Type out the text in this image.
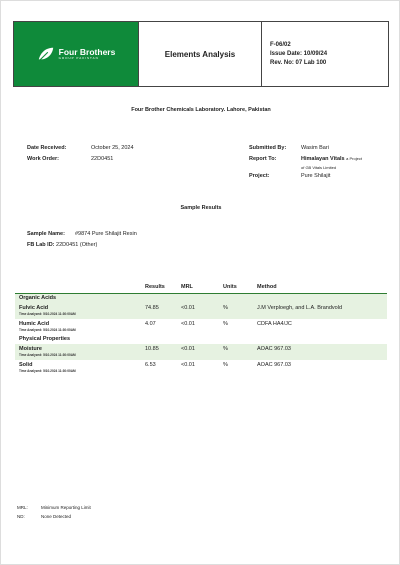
Four Brothers
GROUP PAKISTAN	Elements Analysis
F-06/02
Issue Date: 10/09/24
Rev. No: 07 Lab 100
Four Brother Chemicals Laboratory. Lahore, Pakistan
Date Received:	October 25, 2024
Work Order:	22D0451
Submitted By:	Wasim Bari
Report To:	Himalayan Vitals a Project
of GB Vitals Limited
Project:	Pure Shilajit
Sample Results
Sample Name: #9874 Pure Shilajit Resin
FB Lab ID: 22D0451 (Other)
	Results	MRL	Units	Method
Organic Acids				

Fulvic Acid
Time Analyzed: 5/10.2024 11:30:00AM	74.85	<0.01	%	J.M Verploegh, and L.A. Brandvold

Humic Acid
Time Analyzed: 5/10.2024 11:30:00AM	4.07	<0.01	%	CDFA HA4/JC
Physical Properties				

Moisture
Time Analyzed: 5/10.2024 11:30:00AM	10.85	<0.01	%	AOAC 967.03

Solid
Time Analyzed: 5/10.2024 11:30:00AM	6.53	<0.01	%	AOAC 967.03
MRL:	Minimum Reporting Limit
ND:	None Detected
